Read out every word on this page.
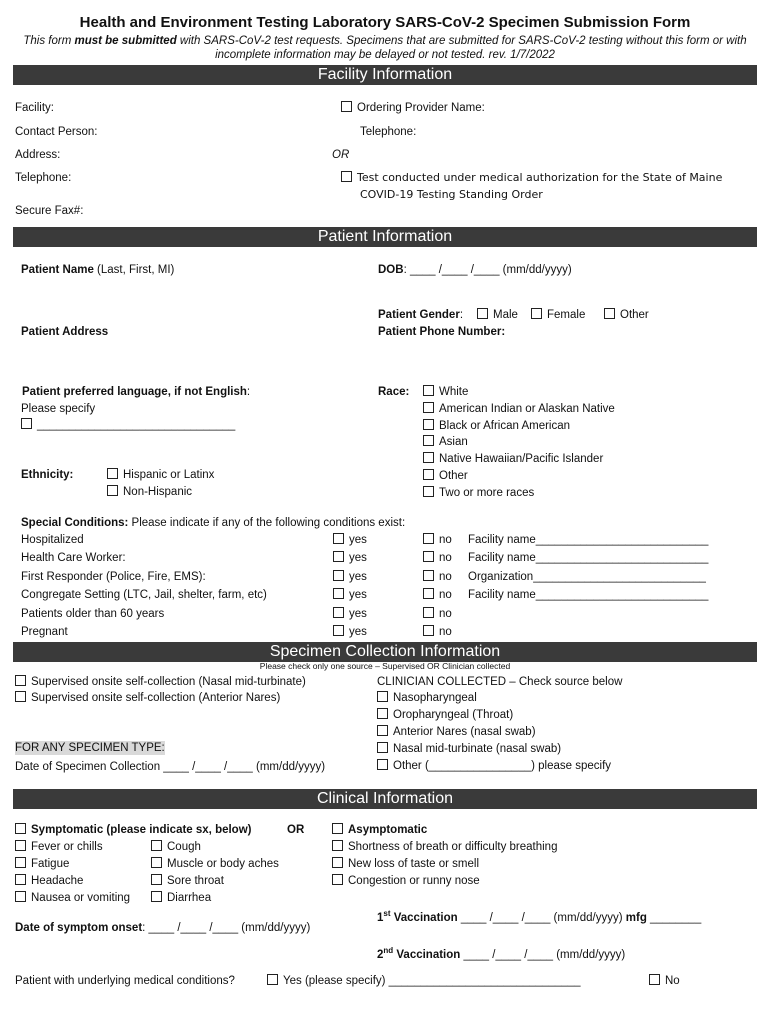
Health and Environment Testing Laboratory SARS-CoV-2 Specimen Submission Form
This form must be submitted with SARS-CoV-2 test requests. Specimens that are submitted for SARS-CoV-2 testing without this form or with incomplete information may be delayed or not tested. rev. 1/7/2022
Facility Information
Facility:
Contact Person:
Address:
Telephone:
Secure Fax#:
Ordering Provider Name:
Telephone:
OR
Test conducted under medical authorization for the State of Maine
COVID-19 Testing Standing Order
Patient Information
Patient Name (Last, First, MI)	DOB: ____ /____ /____ (mm/dd/yyyy)
Patient Address
Patient Gender:	Male	Female	Other
Patient Phone Number:
Patient preferred language, if not English:
Please specify
_______________________________
Race:	White
American Indian or Alaskan Native
Black or African American
Asian
Native Hawaiian/Pacific Islander
Other
Two or more races
Ethnicity:	Hispanic or Latinx
Non-Hispanic
Special Conditions: Please indicate if any of the following conditions exist:
Hospitalized	yes	no Facility name___________________________
Health Care Worker:	yes	no Facility name___________________________
First Responder (Police, Fire, EMS):	yes	no Organization___________________________
Congregate Setting (LTC, Jail, shelter, farm, etc)	yes	no Facility name___________________________
Patients older than 60 years	yes	no
Pregnant	yes	no
Specimen Collection Information
Please check only one source – Supervised OR Clinician collected
Supervised onsite self-collection (Nasal mid-turbinate)
Supervised onsite self-collection (Anterior Nares)
CLINICIAN COLLECTED – Check source below
Nasopharyngeal
Oropharyngeal (Throat)
Anterior Nares (nasal swab)
Nasal mid-turbinate (nasal swab)
Other (________________) please specify
FOR ANY SPECIMEN TYPE:
Date of Specimen Collection ____ /____ /____ (mm/dd/yyyy)
Clinical Information
Symptomatic (please indicate sx, below)	OR	Asymptomatic
Fever or chills
Fatigue
Headache
Nausea or vomiting
Cough
Muscle or body aches
Sore throat
Diarrhea
Shortness of breath or difficulty breathing
New loss of taste or smell
Congestion or runny nose
1st Vaccination ____ /____ /____ (mm/dd/yyyy) mfg ________
Date of symptom onset: ____ /____ /____ (mm/dd/yyyy)
2nd Vaccination ____ /____ /____ (mm/dd/yyyy)
Patient with underlying medical conditions?	Yes (please specify) ______________________________	No
